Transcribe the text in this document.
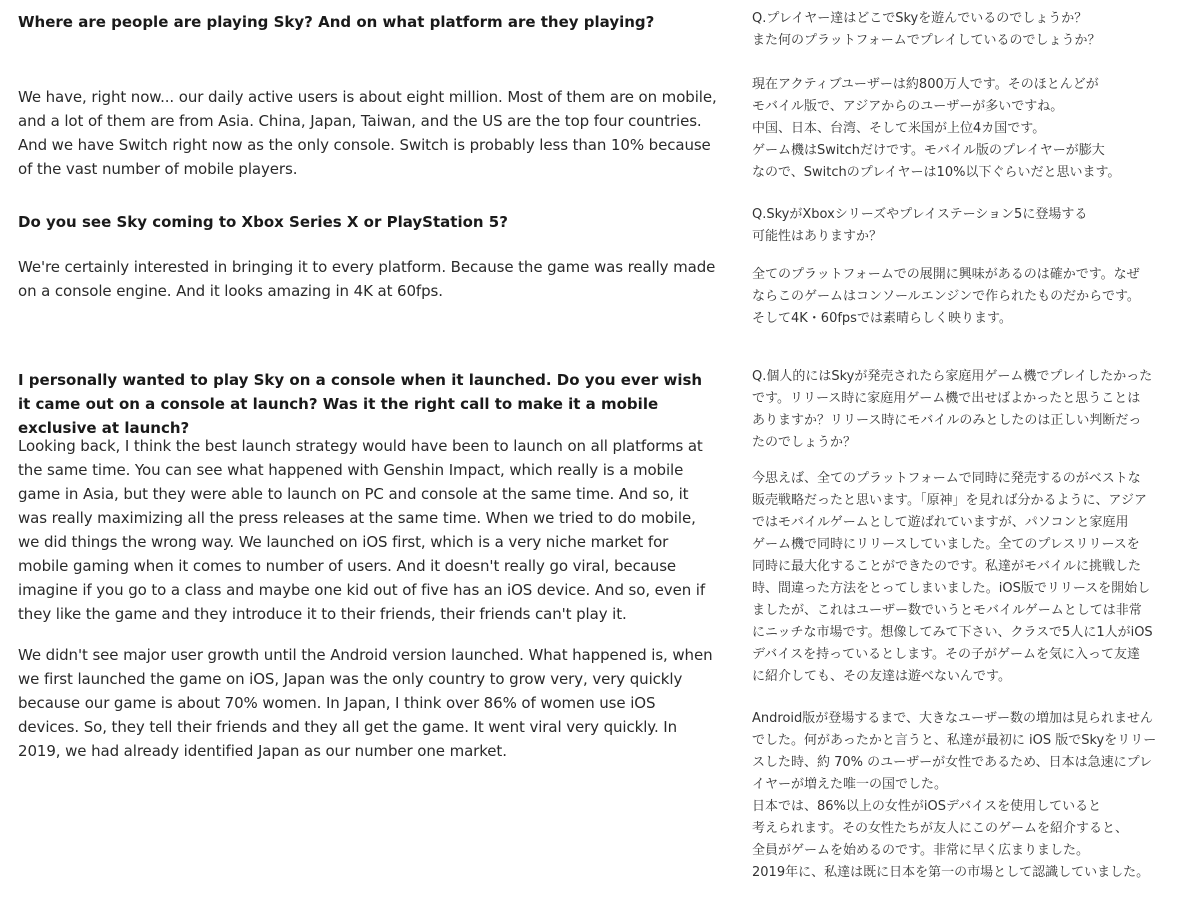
Where are people are playing Sky? And on what platform are they playing?

We have, right now... our daily active users is about eight million. Most of them are on mobile, and a lot of them are from Asia. China, Japan, Taiwan, and the US are the top four countries. And we have Switch right now as the only console. Switch is probably less than 10% because of the vast number of mobile players.

Do you see Sky coming to Xbox Series X or PlayStation 5?

We're certainly interested in bringing it to every platform. Because the game was really made on a console engine. And it looks amazing in 4K at 60fps.

I personally wanted to play Sky on a console when it launched. Do you ever wish it came out on a console at launch? Was it the right call to make it a mobile exclusive at launch?

Looking back, I think the best launch strategy would have been to launch on all platforms at the same time. You can see what happened with Genshin Impact, which really is a mobile game in Asia, but they were able to launch on PC and console at the same time. And so, it was really maximizing all the press releases at the same time. When we tried to do mobile, we did things the wrong way. We launched on iOS first, which is a very niche market for mobile gaming when it comes to number of users. And it doesn't really go viral, because imagine if you go to a class and maybe one kid out of five has an iOS device. And so, even if they like the game and they introduce it to their friends, their friends can't play it.

We didn't see major user growth until the Android version launched. What happened is, when we first launched the game on iOS, Japan was the only country to grow very, very quickly because our game is about 70% women. In Japan, I think over 86% of women use iOS devices. So, they tell their friends and they all get the game. It went viral very quickly. In 2019, we had already identified Japan as our number one market.

Q.プレイヤー達はどこでSkyを遊んでいるのでしょうか？
また何のプラットフォームでプレイしているのでしょうか？
現在アクティブユーザーは約800万人です。そのほとんどが
モバイル版で、アジアからのユーザーが多いですね。
中国、日本、台湾、そして米国が上位4カ国です。
ゲーム機はSwitchだけです。モバイル版のプレイヤーが膨大
なので、Switchのプレイヤーは10%以下ぐらいだと思います。
Q.SkyがXboxシリーズやプレイステーション5に登場する
可能性はありますか？
全てのプラットフォームでの展開に興味があるのは確かです。なぜ
ならこのゲームはコンソールエンジンで作られたものだからです。
そして4K・60fpsでは素晴らしく映ります。
Q.個人的にはSkyが発売されたら家庭用ゲーム機でプレイしたかった
です。リリース時に家庭用ゲーム機で出せばよかったと思うことは
ありますか？リリース時にモバイルのみとしたのは正しい判断だっ
たのでしょうか？
今思えば、全てのプラットフォームで同時に発売するのがベストな
販売戦略だったと思います。「原神」を見れば分かるように、アジア
ではモバイルゲームとして遊ばれていますが、パソコンと家庭用
ゲーム機で同時にリリースしていました。全てのプレスリリースを
同時に最大化することができたのです。私達がモバイルに挑戦した
時、間違った方法をとってしまいました。iOS版でリリースを開始し
ましたが、これはユーザー数でいうとモバイルゲームとしては非常
にニッチな市場です。想像してみて下さい、クラスで5人に1人がiOS
デバイスを持っているとします。その子がゲームを気に入って友達
に紹介しても、その友達は遊べないんです。
Android版が登場するまで、大きなユーザー数の増加は見られません
でした。何があったかと言うと、私達が最初に iOS 版でSkyをリリー
スした時、約 70% のユーザーが女性であるため、日本は急速にプレ
イヤーが増えた唯一の国でした。
日本では、86%以上の女性がiOSデバイスを使用していると
考えられます。その女性たちが友人にこのゲームを紹介すると、
全員がゲームを始めるのです。非常に早く広まりました。
2019年に、私達は既に日本を第一の市場として認識していました。
